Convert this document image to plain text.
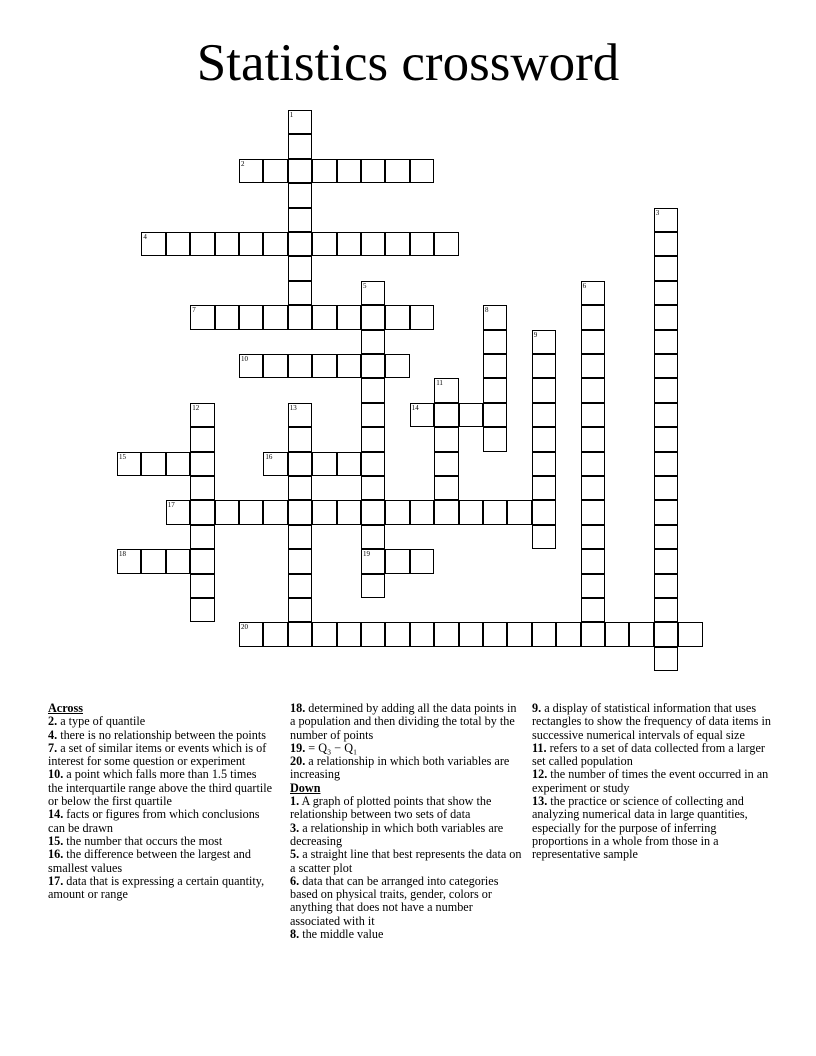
Statistics crossword
1
2
3
4
5
19
6
7	8
9
10
11
12	13	14
15	16
17
18
20
Across
2. a type of quantile
4. there is no relationship between the points
7. a set of similar items or events which is of interest for some question or experiment
10. a point which falls more than 1.5 times the interquartile range above the third quartile or below the first quartile
14. facts or figures from which conclusions can be drawn
15. the number that occurs the most
16. the difference between the largest and smallest values
17. data that is expressing a certain quantity, amount or range
18. determined by adding all the data points in a population and then dividing the total by the number of points
19. = Q₃ − Q₁
20. a relationship in which both variables are increasing
Down
1. A graph of plotted points that show the relationship between two sets of data
3. a relationship in which both variables are decreasing
5. a straight line that best represents the data on a scatter plot
6. data that can be arranged into categories based on physical traits, gender, colors or anything that does not have a number associated with it
8. the middle value
9. a display of statistical information that uses rectangles to show the frequency of data items in successive numerical intervals of equal size
11. refers to a set of data collected from a larger set called population
12. the number of times the event occurred in an experiment or study
13. the practice or science of collecting and analyzing numerical data in large quantities, especially for the purpose of inferring proportions in a whole from those in a representative sample
